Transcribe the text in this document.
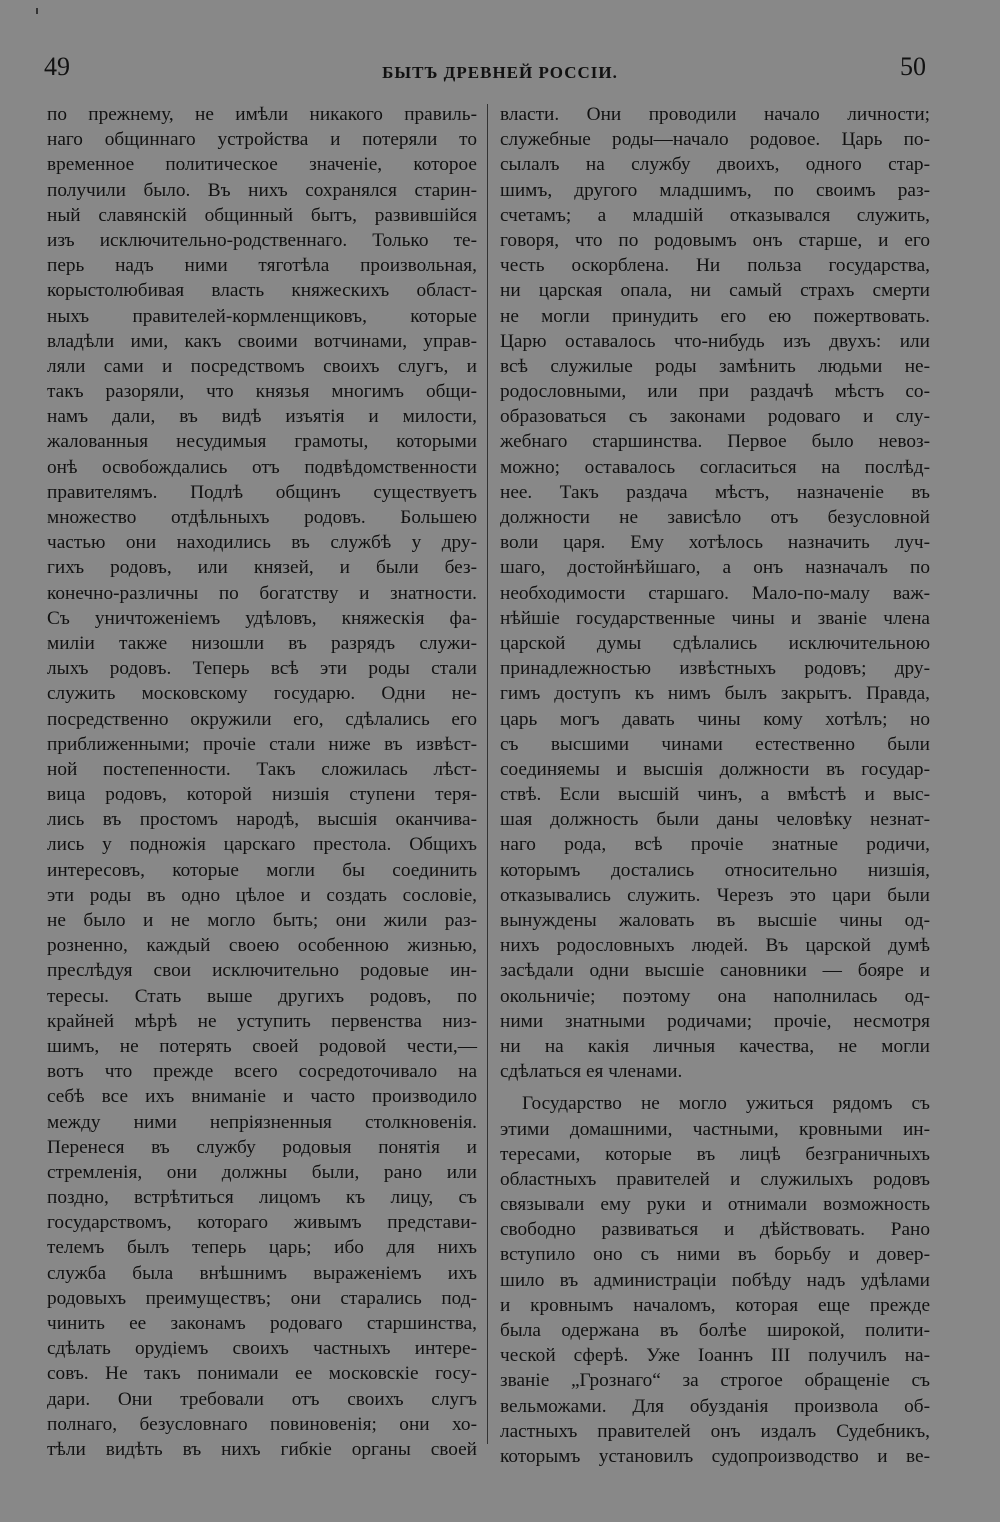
49	БЫТЪ ДРЕВНЕЙ РОССIИ.	50
по прежнему, не имѣли никакого правиль-
наго общиннаго устройства и потеряли то
временное политическое значенiе, которое
получили было. Въ нихъ сохранялся старин-
ный славянскiй общинный бытъ, развившiйся
изъ исключительно-родственнаго. Только те-
перь надъ ними тяготѣла произвольная,
корыстолюбивая власть княжескихъ област-
ныхъ правителей-кормленщиковъ, которые
владѣли ими, какъ своими вотчинами, управ-
ляли сами и посредствомъ своихъ слугъ, и
такъ разоряли, что князья многимъ общи-
намъ дали, въ видѣ изъятiя и милости,
жалованныя несудимыя грамоты, которыми
онѣ освобождались отъ подвѣдомственности
правителямъ. Подлѣ общинъ существуетъ
множество отдѣльныхъ родовъ. Большею
частью они находились въ службѣ у дру-
гихъ родовъ, или князей, и были без-
конечно-различны по богатству и знатности.
Съ уничтоженiемъ удѣловъ, княжескiя фа-
милiи также низошли въ разрядъ служи-
лыхъ родовъ. Теперь всѣ эти роды стали
служить московскому государю. Одни не-
посредственно окружили его, сдѣлались его
приближенными; прочiе стали ниже въ извѣст-
ной постепенности. Такъ сложилась лѣст-
вица родовъ, которой низшiя ступени теря-
лись въ простомъ народѣ, высшiя оканчива-
лись у подножiя царскаго престола. Общихъ
интересовъ, которые могли бы соединить
эти роды въ одно цѣлое и создать сословiе,
не было и не могло быть; они жили раз-
розненно, каждый своею особенною жизнью,
преслѣдуя свои исключительно родовые ин-
тересы. Стать выше другихъ родовъ, по
крайней мѣрѣ не уступить первенства низ-
шимъ, не потерять своей родовой чести,—
вотъ что прежде всего сосредоточивало на
себѣ все ихъ вниманiе и часто производило
между ними непрiязненныя столкновенiя.
Перенеся въ службу родовыя понятiя и
стремленiя, они должны были, рано или
поздно, встрѣтиться лицомъ къ лицу, съ
государствомъ, котораго живымъ представи-
телемъ былъ теперь царь; ибо для нихъ
служба была внѣшнимъ выраженiемъ ихъ
родовыхъ преимуществъ; они старались под-
чинить ее законамъ родоваго старшинства,
сдѣлать орудiемъ своихъ частныхъ интере-
совъ. Не такъ понимали ее московскiе госу-
дари. Они требовали отъ своихъ слугъ
полнаго, безусловнаго повиновенiя; они хо-
тѣли видѣть въ нихъ гибкiе органы своей
власти. Они проводили начало личности;
служебные роды—начало родовое. Царь по-
сылалъ на службу двоихъ, одного стар-
шимъ, другого младшимъ, по своимъ раз-
счетамъ; а младшiй отказывался служить,
говоря, что по родовымъ онъ старше, и его
честь оскорблена. Ни польза государства,
ни царская опала, ни самый страхъ смерти
не могли принудить его ею пожертвовать.
Царю оставалось что-нибудь изъ двухъ: или
всѣ служилые роды замѣнить людьми не-
родословными, или при раздачѣ мѣстъ со-
образоваться съ законами родоваго и слу-
жебнаго старшинства. Первое было невоз-
можно; оставалось согласиться на послѣд-
нее. Такъ раздача мѣстъ, назначенiе въ
должности не зависѣло отъ безусловной
воли царя. Ему хотѣлось назначить луч-
шаго, достойнѣйшаго, а онъ назначалъ по
необходимости старшаго. Мало-по-малу важ-
нѣйшiе государственные чины и званiе члена
царской думы сдѣлались исключительною
принадлежностью извѣстныхъ родовъ; дру-
гимъ доступъ къ нимъ былъ закрытъ. Правда,
царь могъ давать чины кому хотѣлъ; но
съ высшими чинами естественно были
соединяемы и высшiя должности въ государ-
ствѣ. Если высшiй чинъ, а вмѣстѣ и выс-
шая должность были даны человѣку незнат-
наго рода, всѣ прочiе знатные родичи,
которымъ достались относительно низшiя,
отказывались служить. Черезъ это цари были
вынуждены жаловать въ высшiе чины од-
нихъ родословныхъ людей. Въ царской думѣ
засѣдали одни высшiе сановники — бояре и
окольничiе; поэтому она наполнилась од-
ними знатными родичами; прочiе, несмотря
ни на какiя личныя качества, не могли
сдѣлаться ея членами.
Государство не могло ужиться рядомъ съ
этими домашними, частными, кровными ин-
тересами, которые въ лицѣ безграничныхъ
областныхъ правителей и служилыхъ родовъ
связывали ему руки и отнимали возможность
свободно развиваться и дѣйствовать. Рано
вступило оно съ ними въ борьбу и довер-
шило въ администрацiи побѣду надъ удѣлами
и кровнымъ началомъ, которая еще прежде
была одержана въ болѣе широкой, полити-
ческой сферѣ. Уже Iоаннъ III получилъ на-
званiе „Грознаго“ за строгое обращенiе съ
вельможами. Для обузданiя произвола об-
ластныхъ правителей онъ издалъ Судебникъ,
которымъ установилъ судопроизводство и ве-
